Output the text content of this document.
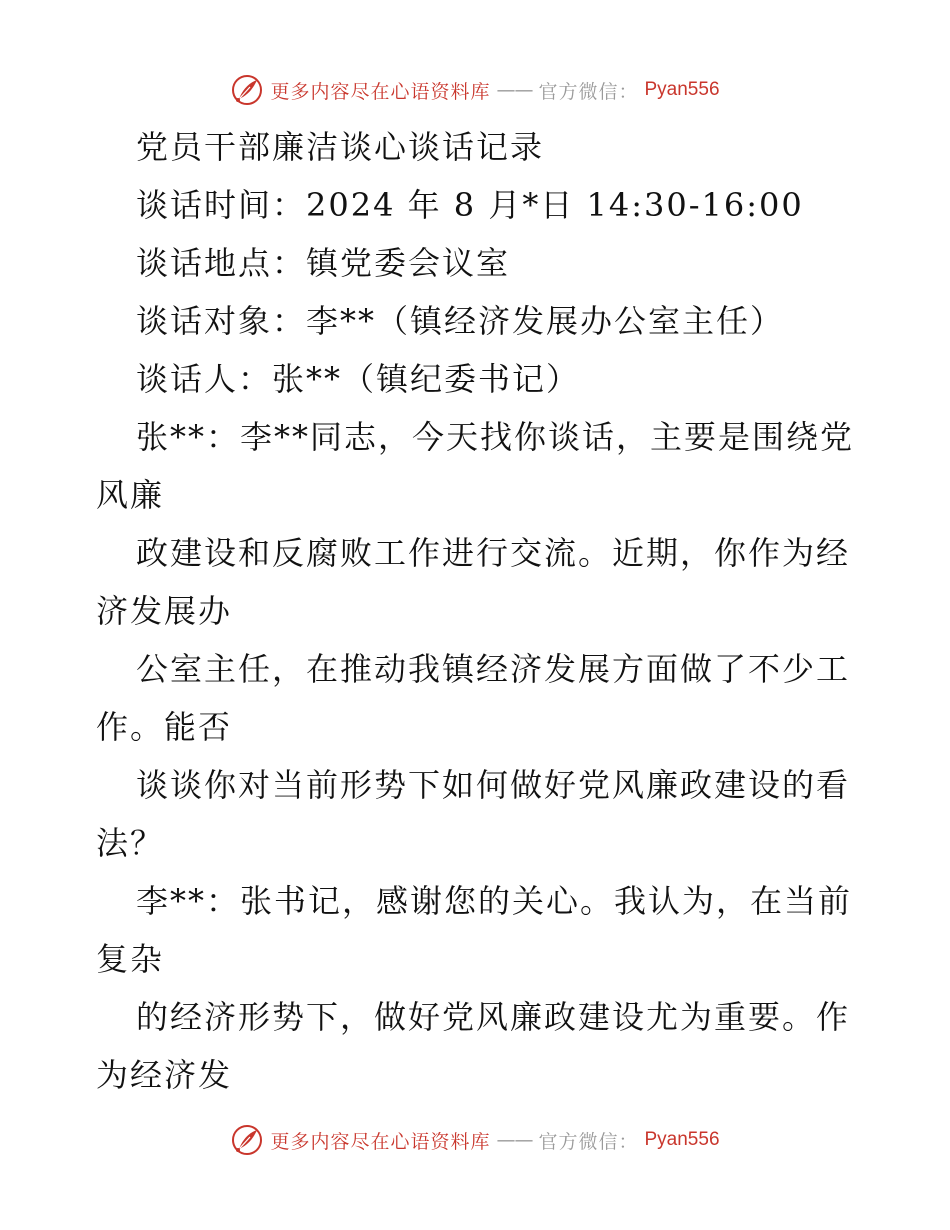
更多内容尽在心语资料库 —— 官方微信： Pyan556
党员干部廉洁谈心谈话记录
谈话时间：2024 年 8 月*日 14:30-16:00
谈话地点：镇党委会议室
谈话对象：李**（镇经济发展办公室主任）
谈话人：张**（镇纪委书记）
张**：李**同志，今天找你谈话，主要是围绕党
风廉
政建设和反腐败工作进行交流。近期，你作为经
济发展办
公室主任，在推动我镇经济发展方面做了不少工
作。能否
谈谈你对当前形势下如何做好党风廉政建设的看
法？
李**：张书记，感谢您的关心。我认为，在当前
复杂
的经济形势下，做好党风廉政建设尤为重要。作
为经济发
更多内容尽在心语资料库 —— 官方微信： Pyan556
